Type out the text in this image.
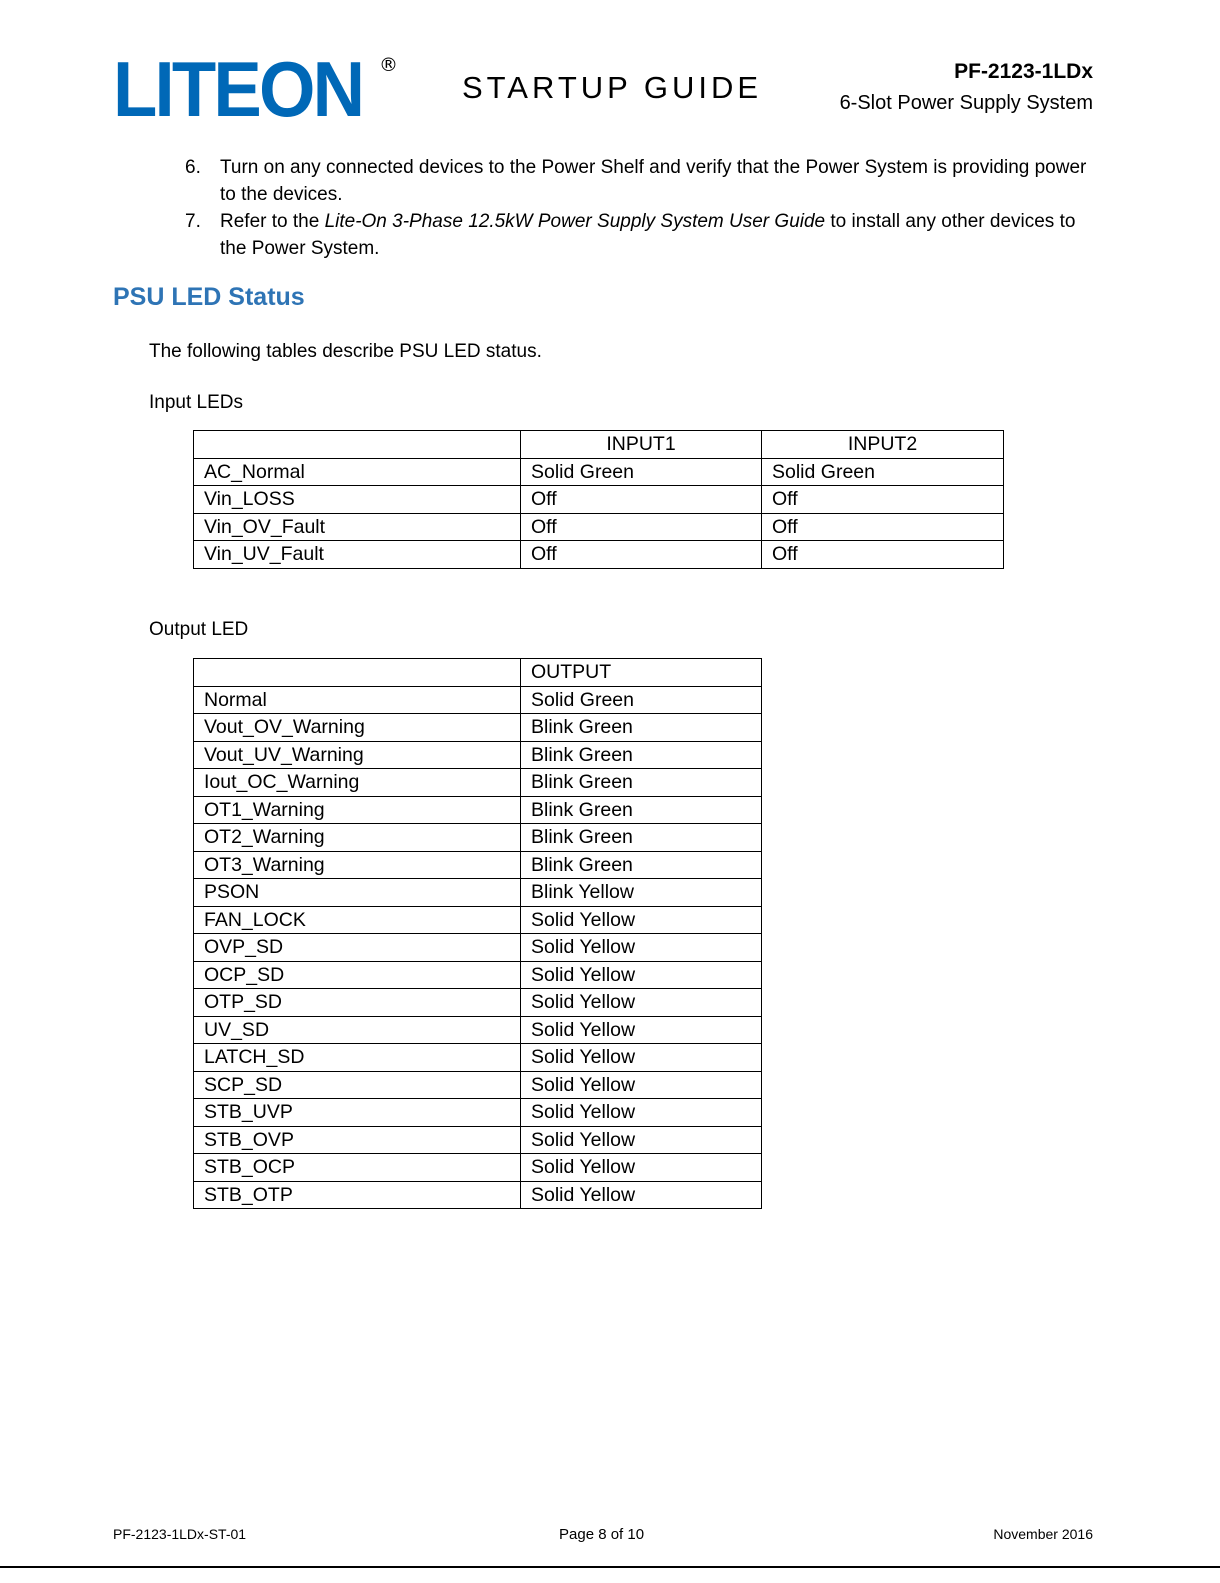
LITEON ®
STARTUP GUIDE	PF-2123-1LDx
6-Slot Power Supply System
6. Turn on any connected devices to the Power Shelf and verify that the Power System is providing power to the devices.
7. Refer to the Lite-On 3-Phase 12.5kW Power Supply System User Guide to install any other devices to the Power System.
PSU LED Status
The following tables describe PSU LED status.
Input LEDs
	INPUT1	INPUT2
AC_Normal	Solid Green	Solid Green
Vin_LOSS	Off	Off
Vin_OV_Fault	Off	Off
Vin_UV_Fault	Off	Off
Output LED
	OUTPUT
Normal	Solid Green
Vout_OV_Warning	Blink Green
Vout_UV_Warning	Blink Green
Iout_OC_Warning	Blink Green
OT1_Warning	Blink Green
OT2_Warning	Blink Green
OT3_Warning	Blink Green
PSON	Blink Yellow
FAN_LOCK	Solid Yellow
OVP_SD	Solid Yellow
OCP_SD	Solid Yellow
OTP_SD	Solid Yellow
UV_SD	Solid Yellow
LATCH_SD	Solid Yellow
SCP_SD	Solid Yellow
STB_UVP	Solid Yellow
STB_OVP	Solid Yellow
STB_OCP	Solid Yellow
STB_OTP	Solid Yellow
PF-2123-1LDx-ST-01	Page 8 of 10	November 2016
